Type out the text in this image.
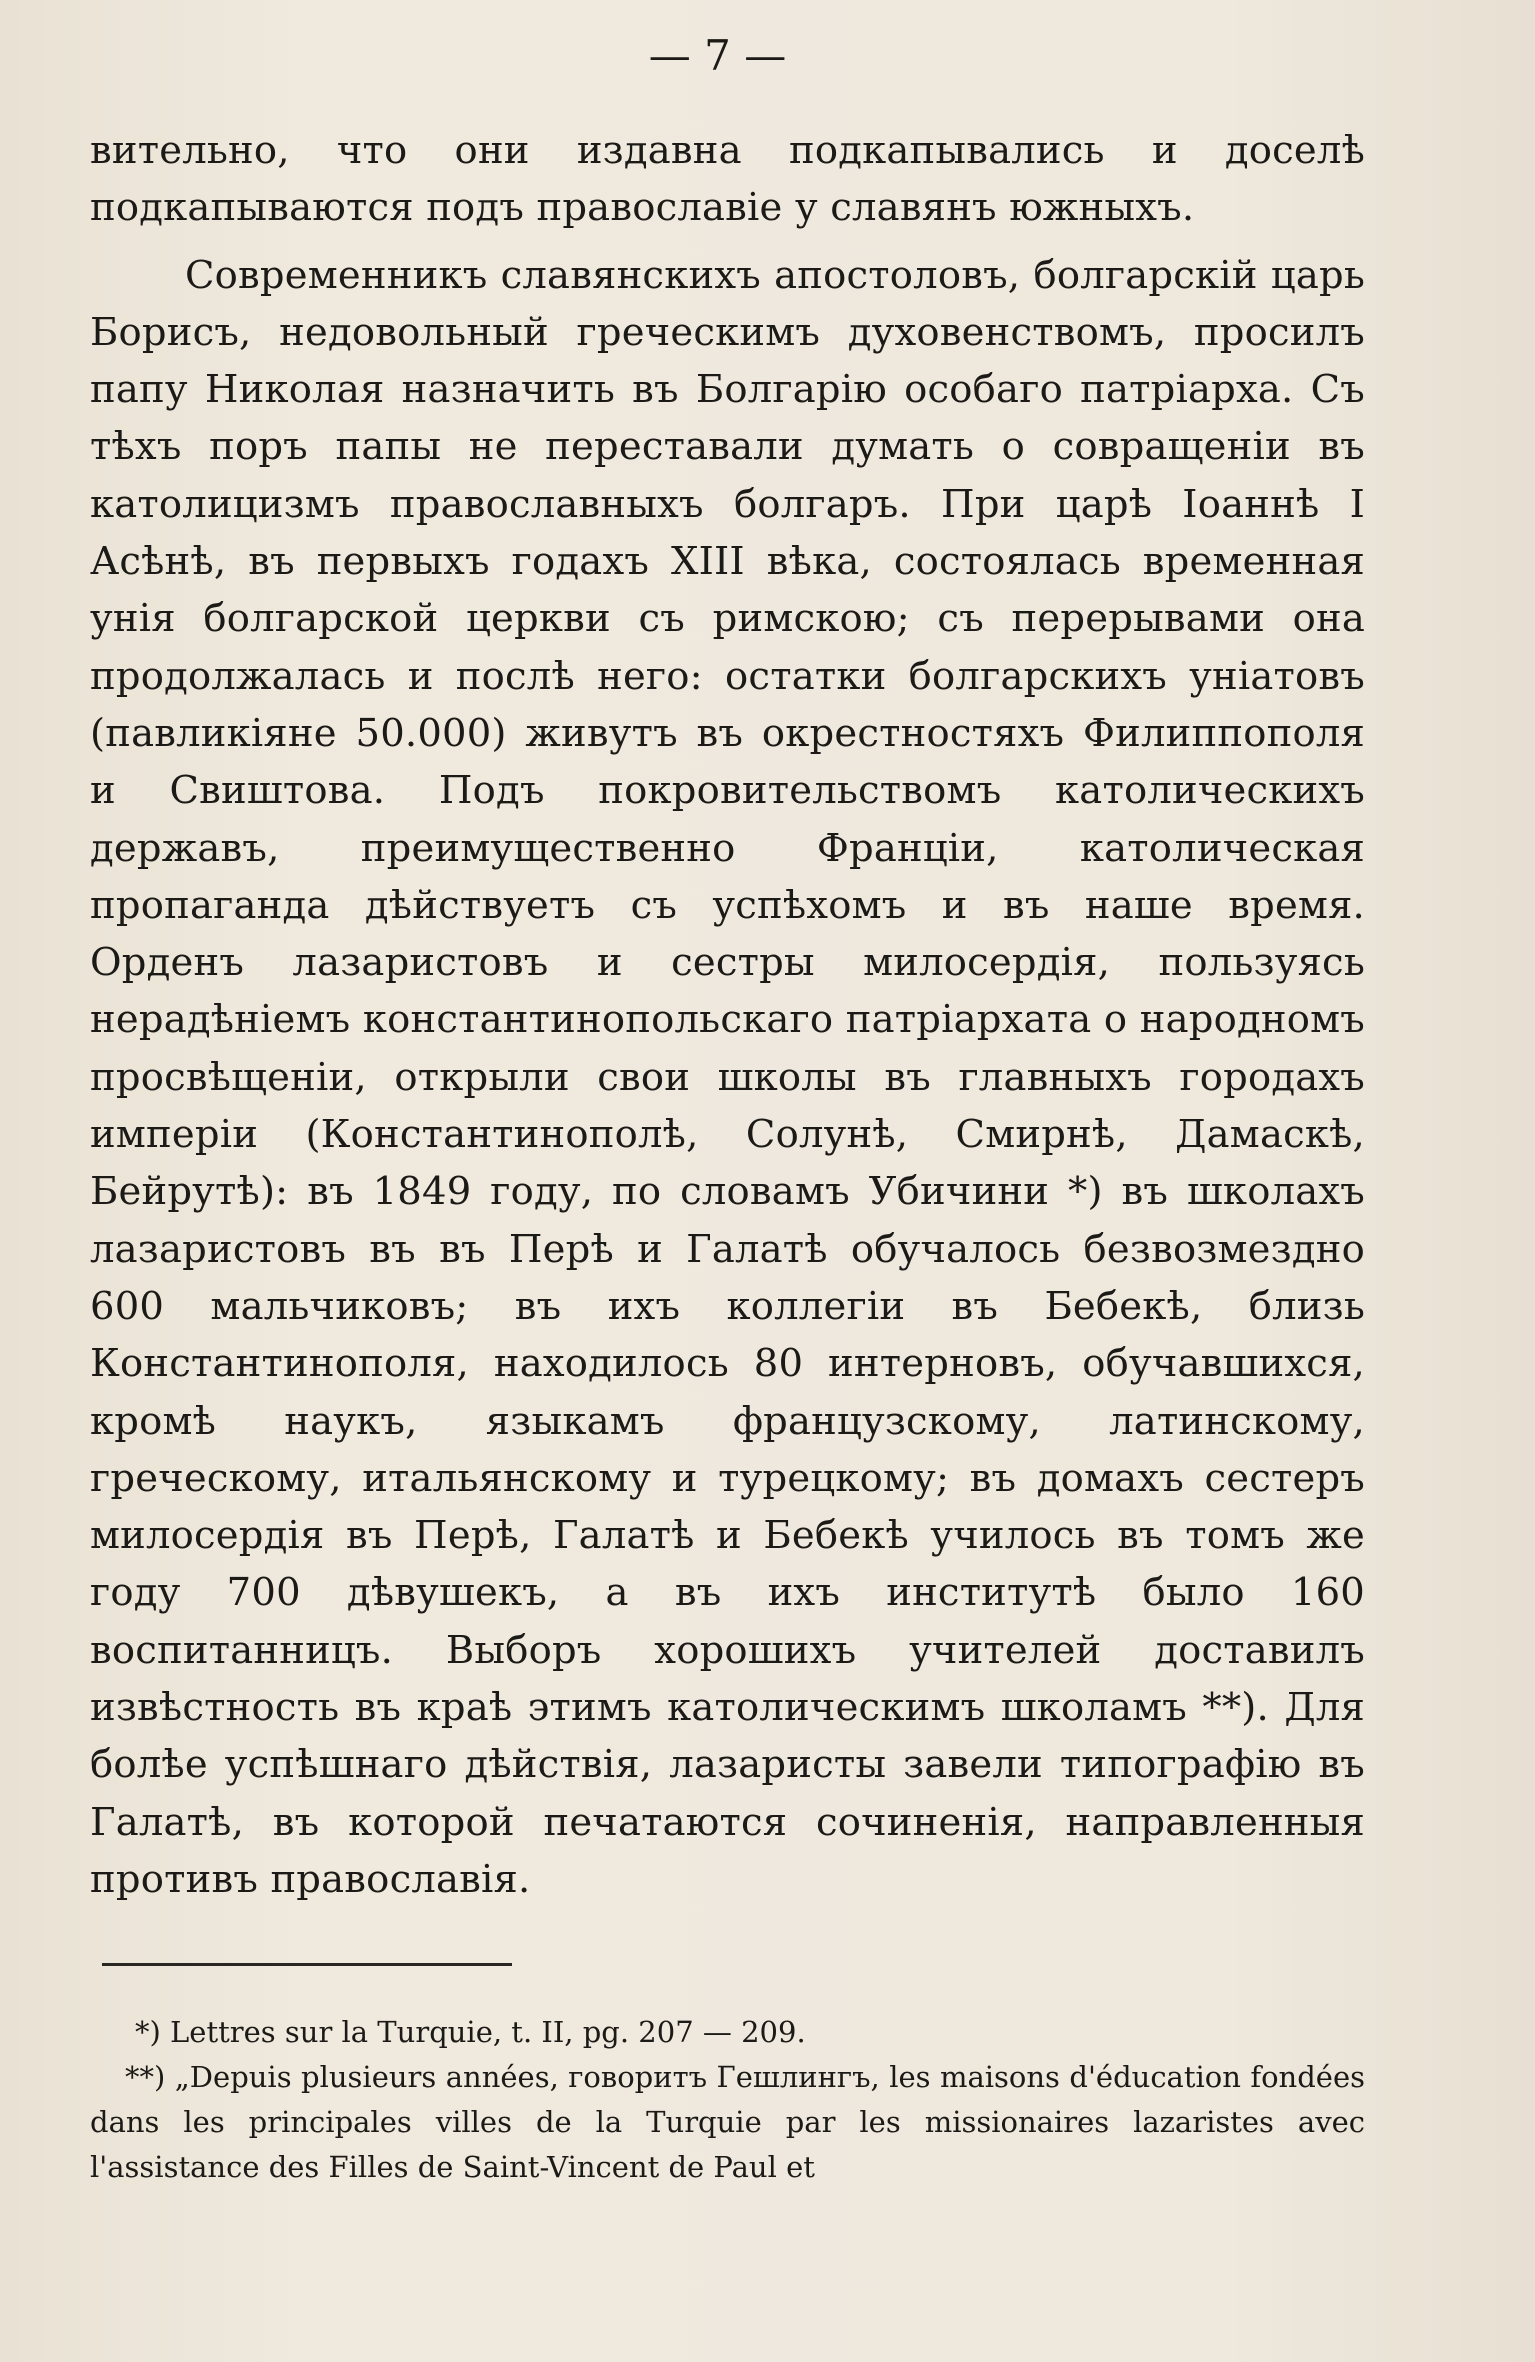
— 7 —

вительно, что они издавна подкапывались и доселѣ подкапываются подъ православіе у славянъ южныхъ.

Современникъ славянскихъ апостоловъ, болгарскій царь Борисъ, недовольный греческимъ духовенствомъ, просилъ папу Николая назначить въ Болгарію особаго патріарха. Съ тѣхъ поръ папы не переставали думать о совращеніи въ католицизмъ православныхъ болгаръ. При царѣ Іоаннѣ I Асѣнѣ, въ первыхъ годахъ XIII вѣка, состоялась временная унія болгарской церкви съ римскою; съ перерывами она продолжалась и послѣ него: остатки болгарскихъ уніатовъ (павликіяне 50.000) живутъ въ окрестностяхъ Филиппополя и Свиштова. Подъ покровительствомъ католическихъ державъ, преимущественно Франціи, католическая пропаганда дѣйствуетъ съ успѣхомъ и въ наше время. Орденъ лазаристовъ и сестры милосердія, пользуясь нерадѣніемъ константинопольскаго патріархата о народномъ просвѣщеніи, открыли свои школы въ главныхъ городахъ имперіи (Константинополѣ, Солунѣ, Смирнѣ, Дамаскѣ, Бейрутѣ): въ 1849 году, по словамъ Убичини *) въ школахъ лазаристовъ въ въ Перѣ и Галатѣ обучалось безвозмездно 600 мальчиковъ; въ ихъ коллегіи въ Бебекѣ, близь Константинополя, находилось 80 интерновъ, обучавшихся, кромѣ наукъ, языкамъ французскому, латинскому, греческому, итальянскому и турецкому; въ домахъ сестеръ милосердія въ Перѣ, Галатѣ и Бебекѣ училось въ томъ же году 700 дѣвушекъ, а въ ихъ институтѣ было 160 воспитанницъ. Выборъ хорошихъ учителей доставилъ извѣстность въ краѣ этимъ католическимъ школамъ **). Для болѣе успѣшнаго дѣйствія, лазаристы завели типографію въ Галатѣ, въ которой печатаются сочиненія, направленныя противъ православія.

*) Lettres sur la Turquie, t. II, pg. 207 — 209.

**) „Depuis plusieurs années, говоритъ Гешлингъ, les maisons d'éducation fondées dans les principales villes de la Turquie par les missionaires lazaristes avec l'assistance des Filles de Saint-Vincent de Paul et
